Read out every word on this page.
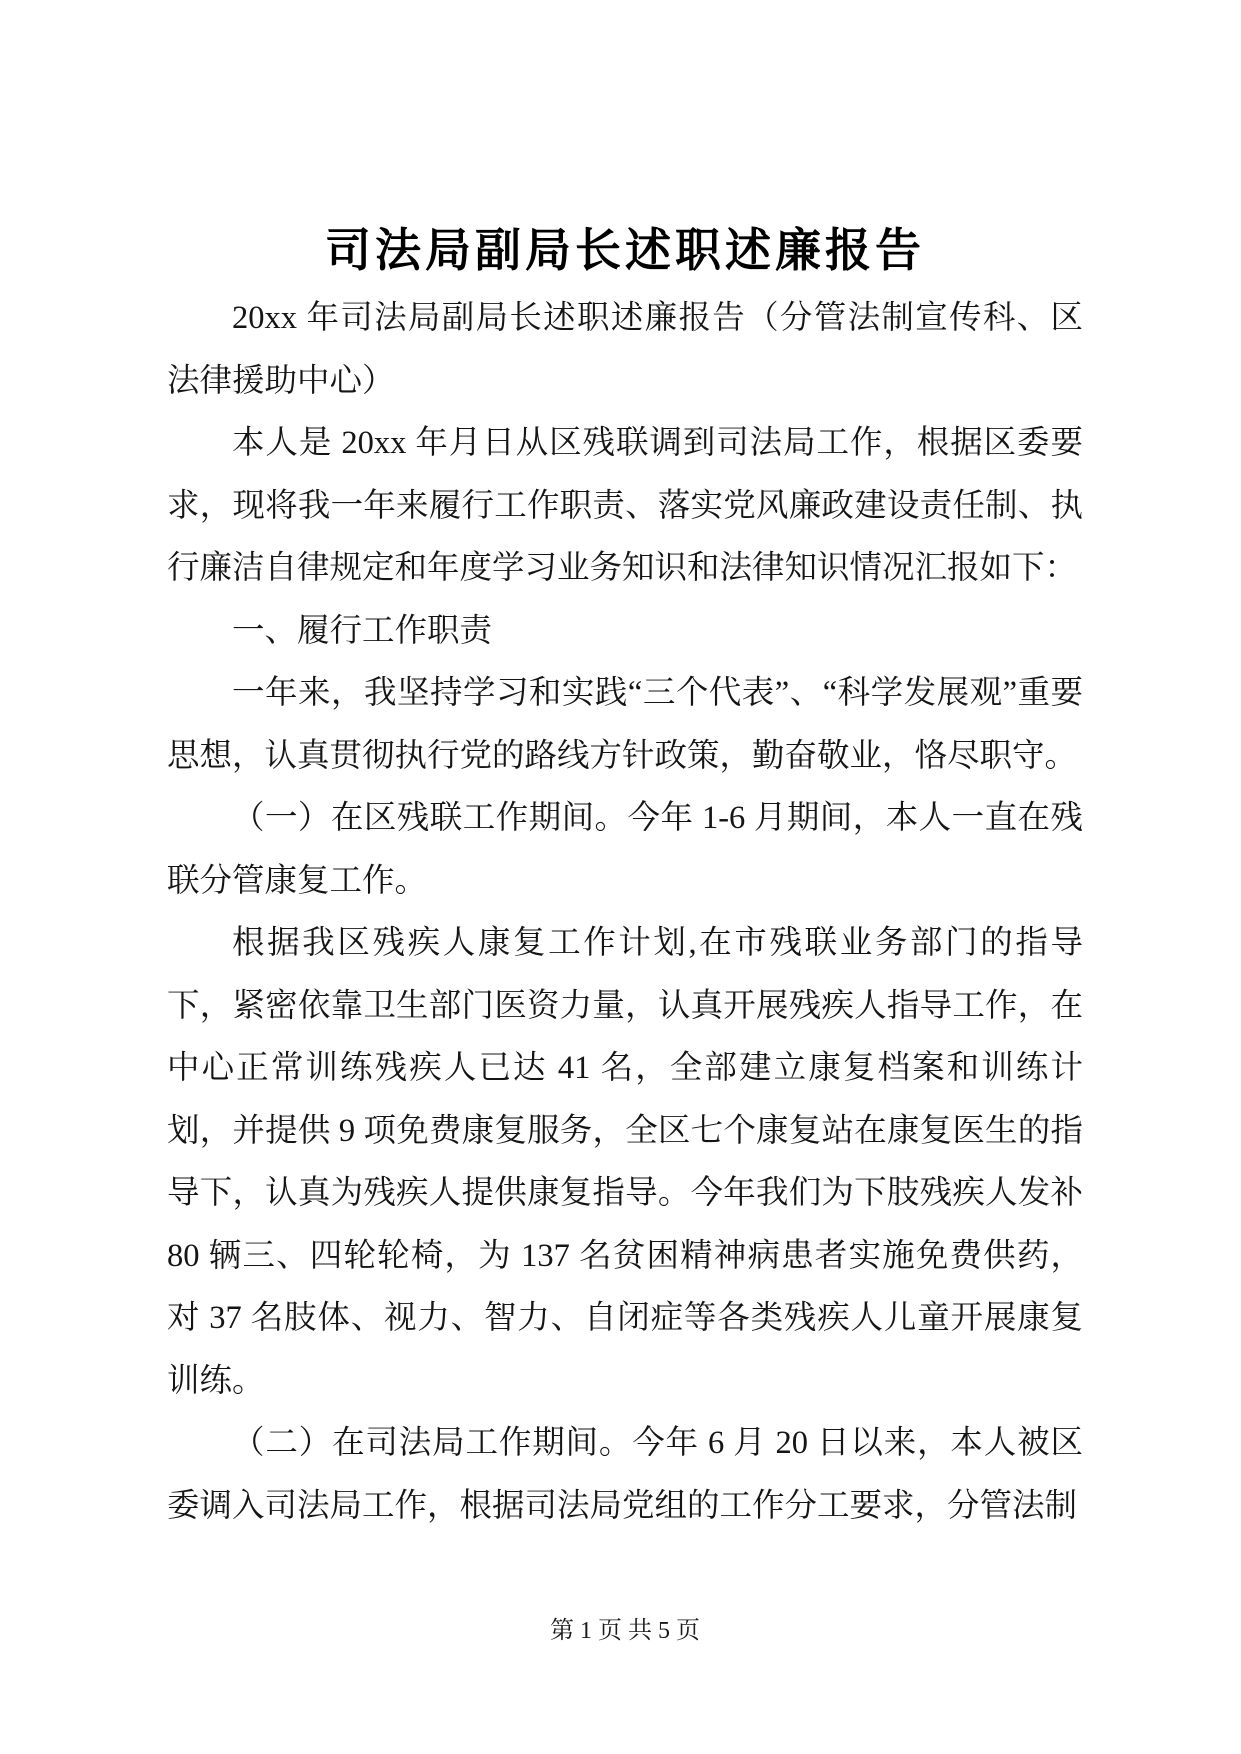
司法局副局长述职述廉报告

20xx 年司法局副局长述职述廉报告（分管法制宣传科、区法律援助中心）

本人是 20xx 年月日从区残联调到司法局工作，根据区委要求，现将我一年来履行工作职责、落实党风廉政建设责任制、执行廉洁自律规定和年度学习业务知识和法律知识情况汇报如下：

一、履行工作职责

一年来，我坚持学习和实践“三个代表”、“科学发展观”重要思想，认真贯彻执行党的路线方针政策，勤奋敬业，恪尽职守。

（一）在区残联工作期间。今年 1-6 月期间，本人一直在残联分管康复工作。

根据我区残疾人康复工作计划,在市残联业务部门的指导下，紧密依靠卫生部门医资力量，认真开展残疾人指导工作，在中心正常训练残疾人已达 41 名，全部建立康复档案和训练计划，并提供 9 项免费康复服务，全区七个康复站在康复医生的指导下，认真为残疾人提供康复指导。今年我们为下肢残疾人发补 80 辆三、四轮轮椅，为 137 名贫困精神病患者实施免费供药，对 37 名肢体、视力、智力、自闭症等各类残疾人儿童开展康复训练。

（二）在司法局工作期间。今年 6 月 20 日以来，本人被区委调入司法局工作，根据司法局党组的工作分工要求，分管法制

第 1 页 共 5 页
